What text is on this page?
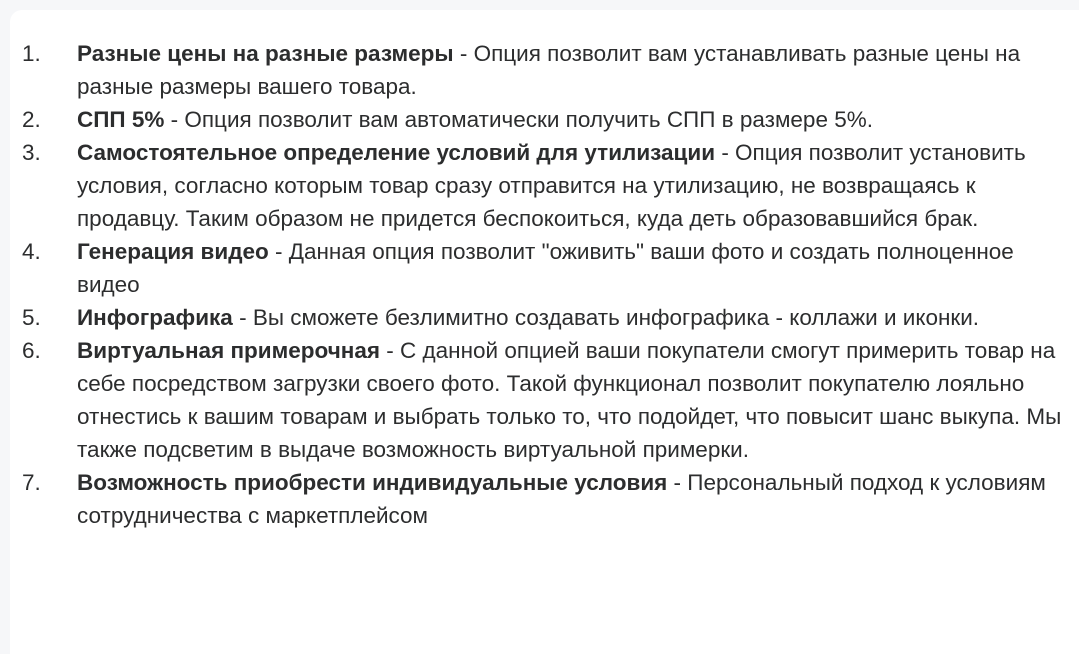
1.	Разные цены на разные размеры - Опция позволит вам устанавливать разные цены на разные размеры вашего товара.
2.	СПП 5% - Опция позволит вам автоматически получить СПП в размере 5%.
3.	Самостоятельное определение условий для утилизации - Опция позволит установить условия, согласно которым товар сразу отправится на утилизацию, не возвращаясь к продавцу. Таким образом не придется беспокоиться, куда деть образовавшийся брак.
4.	Генерация видео - Данная опция позволит "оживить" ваши фото и создать полноценное видео
5.	Инфографика - Вы сможете безлимитно создавать инфографика - коллажи и иконки.
6.	Виртуальная примерочная - С данной опцией ваши покупатели смогут примерить товар на себе посредством загрузки своего фото. Такой функционал позволит покупателю лояльно отнестись к вашим товарам и выбрать только то, что подойдет, что повысит шанс выкупа. Мы также подсветим в выдаче возможность виртуальной примерки.
7.	Возможность приобрести индивидуальные условия - Персональный подход к условиям сотрудничества с маркетплейсом
